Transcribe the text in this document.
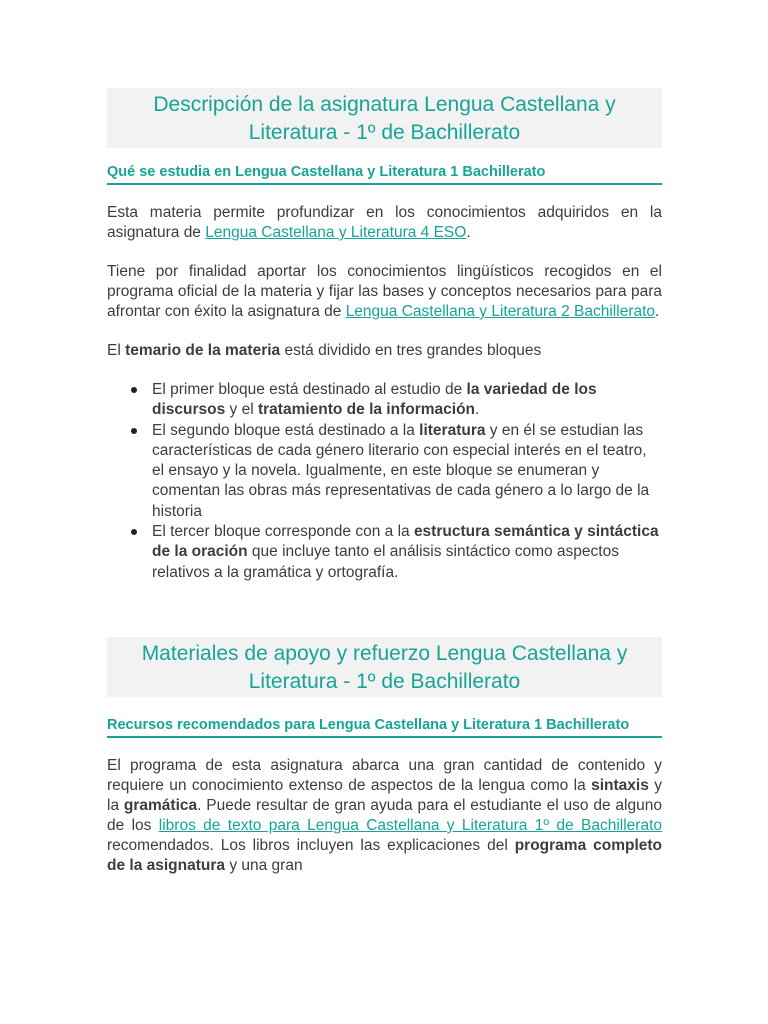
Descripción de la asignatura Lengua Castellana y Literatura - 1º de Bachillerato
Qué se estudia en Lengua Castellana y Literatura 1 Bachillerato

Esta materia permite profundizar en los conocimientos adquiridos en la asignatura de Lengua Castellana y Literatura 4 ESO.

Tiene por finalidad aportar los conocimientos lingüísticos recogidos en el programa oficial de la materia y fijar las bases y conceptos necesarios para para afrontar con éxito la asignatura de Lengua Castellana y Literatura 2 Bachillerato.

El temario de la materia está dividido en tres grandes bloques

El primer bloque está destinado al estudio de la variedad de los discursos y el tratamiento de la información.
El segundo bloque está destinado a la literatura y en él se estudian las características de cada género literario con especial interés en el teatro, el ensayo y la novela. Igualmente, en este bloque se enumeran y comentan las obras más representativas de cada género a lo largo de la historia
El tercer bloque corresponde con a la estructura semántica y sintáctica de la oración que incluye tanto el análisis sintáctico como aspectos relativos a la gramática y ortografía.
Materiales de apoyo y refuerzo Lengua Castellana y Literatura - 1º de Bachillerato
Recursos recomendados para Lengua Castellana y Literatura 1 Bachillerato

El programa de esta asignatura abarca una gran cantidad de contenido y requiere un conocimiento extenso de aspectos de la lengua como la sintaxis y la gramática. Puede resultar de gran ayuda para el estudiante el uso de alguno de los libros de texto para Lengua Castellana y Literatura 1º de Bachillerato recomendados. Los libros incluyen las explicaciones del programa completo de la asignatura y una gran
